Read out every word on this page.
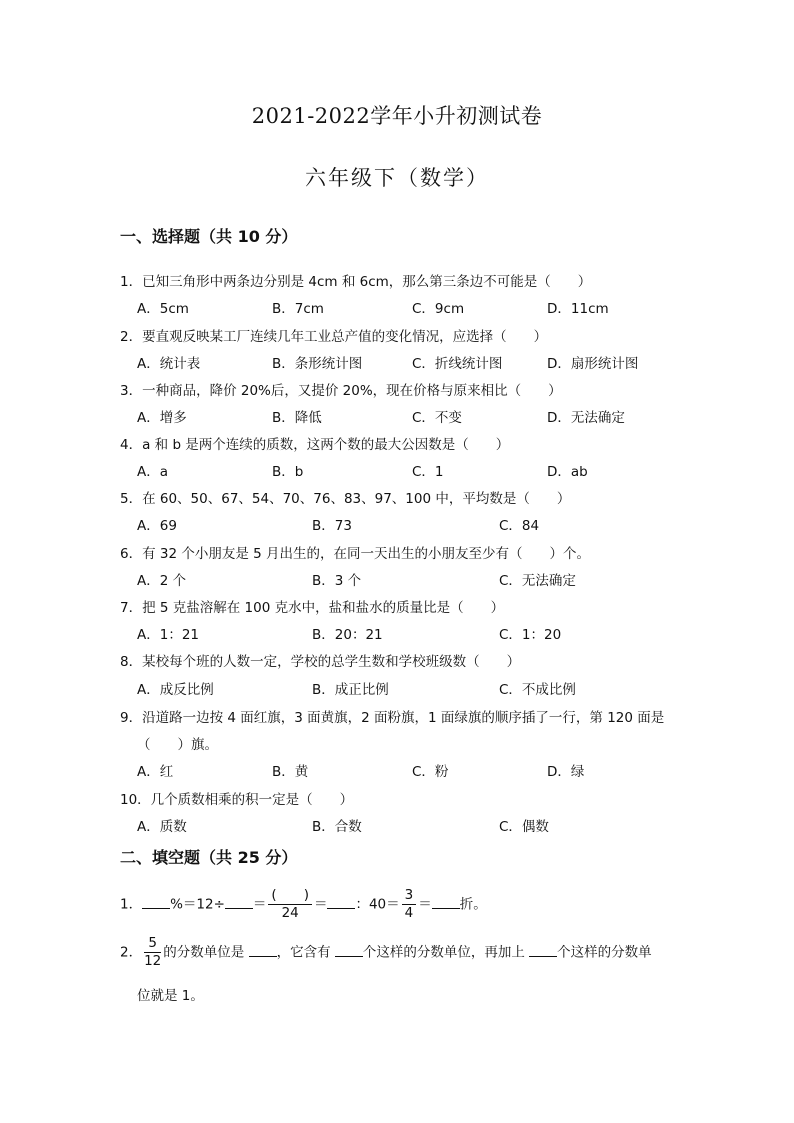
2021-2022学年小升初测试卷
六年级下（数学）
一、选择题（共 10 分）
1．已知三角形中两条边分别是 4cm 和 6cm，那么第三条边不可能是（　　）
A．5cm	B．7cm	C．9cm	D．11cm
2．要直观反映某工厂连续几年工业总产值的变化情况，应选择（　　）
A．统计表	B．条形统计图	C．折线统计图	D．扇形统计图
3．一种商品，降价 20%后，又提价 20%，现在价格与原来相比（　　）
A．增多	B．降低	C．不变	D．无法确定
4．a 和 b 是两个连续的质数，这两个数的最大公因数是（　　）
A．a	B．b	C．1	D．ab
5．在 60、50、67、54、70、76、83、97、100 中，平均数是（　　）
A．69	B．73	C．84
6．有 32 个小朋友是 5 月出生的，在同一天出生的小朋友至少有（　　）个。
A．2 个	B．3 个	C．无法确定
7．把 5 克盐溶解在 100 克水中，盐和盐水的质量比是（　　）
A．1：21	B．20：21	C．1：20
8．某校每个班的人数一定，学校的总学生数和学校班级数（　　）
A．成反比例	B．成正比例	C．不成比例
9．沿道路一边按 4 面红旗，3 面黄旗，2 面粉旗，1 面绿旗的顺序插了一行，第 120 面是
（　　）旗。
A．红	B．黄	C．粉	D．绿
10．几个质数相乘的积一定是（　　）
A．质数	B．合数	C．偶数
二、填空题（共 25 分）
1． $\%=12\div = \frac{( )}{24}$ ＝ ：$40= \frac{3}{4}$ ＝ 折。
2． $\frac{5}{12}$ 的分数单位是 ，它含有 个这样的分数单位，再加上 个这样的分数单
位就是 1。
